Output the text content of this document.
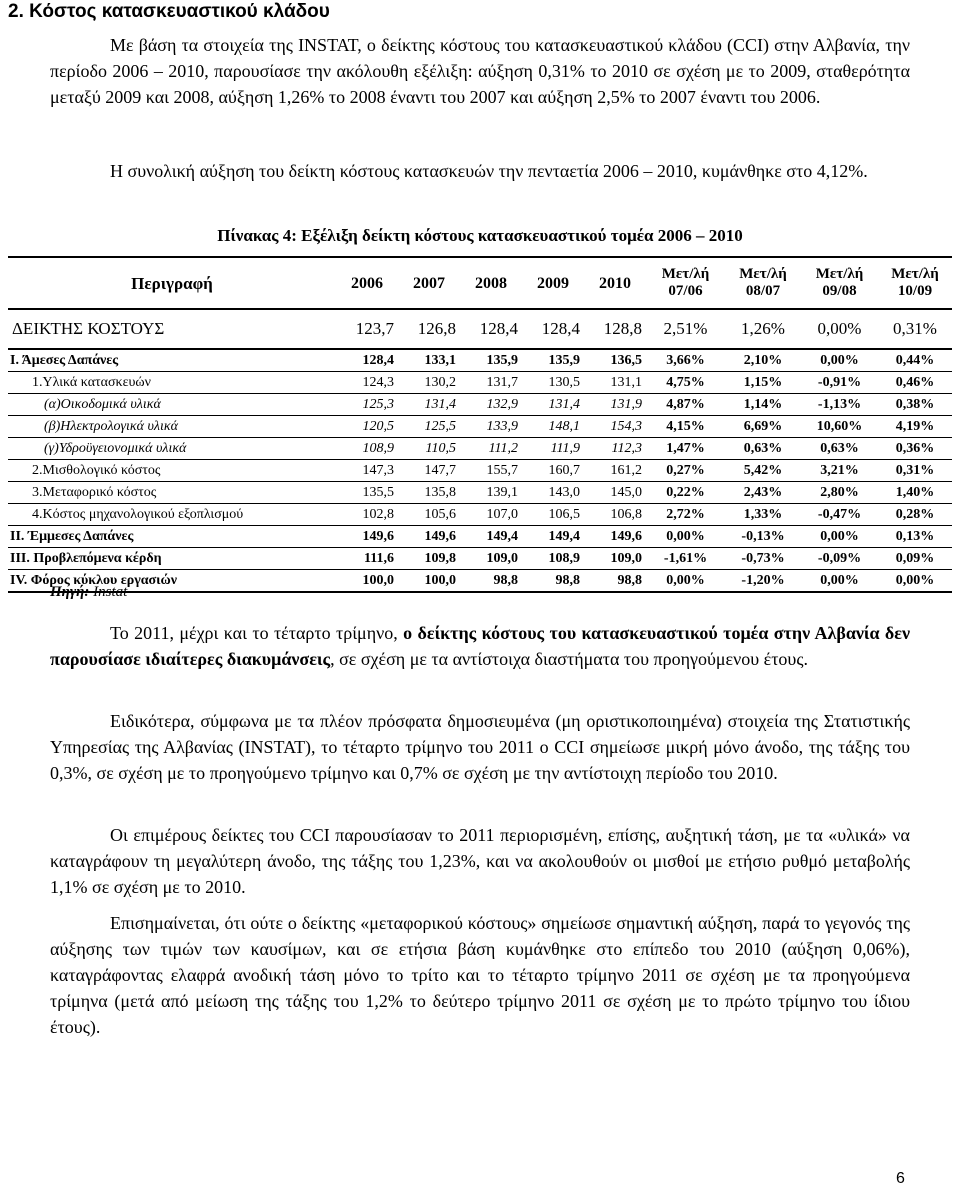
2. Κόστος κατασκευαστικού κλάδου
Με βάση τα στοιχεία της INSTAT, ο δείκτης κόστους του κατασκευαστικού κλάδου (CCI) στην Αλβανία, την περίοδο 2006 – 2010, παρουσίασε την ακόλουθη εξέλιξη: αύξηση 0,31% το 2010 σε σχέση με το 2009, σταθερότητα μεταξύ 2009 και 2008, αύξηση 1,26% το 2008 έναντι του 2007 και αύξηση 2,5% το 2007 έναντι του 2006.
Η συνολική αύξηση του δείκτη κόστους κατασκευών την πενταετία 2006 – 2010, κυμάνθηκε στο 4,12%.
Πίνακας 4: Εξέλιξη δείκτη κόστους κατασκευαστικού τομέα 2006 – 2010
Περιγραφή	2006	2007	2008	2009	2010	Μετ/λή 07/06	Μετ/λή 08/07	Μετ/λή 09/08	Μετ/λή 10/09
ΔΕΙΚΤΗΣ ΚΟΣΤΟΥΣ	123,7	126,8	128,4	128,4	128,8	2,51%	1,26%	0,00%	0,31%
Ι. Άμεσες Δαπάνες	128,4	133,1	135,9	135,9	136,5	3,66%	2,10%	0,00%	0,44%
1.Υλικά κατασκευών	124,3	130,2	131,7	130,5	131,1	4,75%	1,15%	-0,91%	0,46%
(α)Οικοδομικά υλικά	125,3	131,4	132,9	131,4	131,9	4,87%	1,14%	-1,13%	0,38%
(β)Ηλεκτρολογικά υλικά	120,5	125,5	133,9	148,1	154,3	4,15%	6,69%	10,60%	4,19%
(γ)Υδροϋγειονομικά υλικά	108,9	110,5	111,2	111,9	112,3	1,47%	0,63%	0,63%	0,36%
2.Μισθολογικό κόστος	147,3	147,7	155,7	160,7	161,2	0,27%	5,42%	3,21%	0,31%
3.Μεταφορικό κόστος	135,5	135,8	139,1	143,0	145,0	0,22%	2,43%	2,80%	1,40%
4.Κόστος μηχανολογικού εξοπλισμού	102,8	105,6	107,0	106,5	106,8	2,72%	1,33%	-0,47%	0,28%
ΙΙ. Έμμεσες Δαπάνες	149,6	149,6	149,4	149,4	149,6	0,00%	-0,13%	0,00%	0,13%
ΙΙΙ. Προβλεπόμενα κέρδη	111,6	109,8	109,0	108,9	109,0	-1,61%	-0,73%	-0,09%	0,09%
ΙV. Φόρος κύκλου εργασιών	100,0	100,0	98,8	98,8	98,8	0,00%	-1,20%	0,00%	0,00%
Πηγή: Instat
Το 2011, μέχρι και το τέταρτο τρίμηνο, ο δείκτης κόστους του κατασκευαστικού τομέα στην Αλβανία δεν παρουσίασε ιδιαίτερες διακυμάνσεις, σε σχέση με τα αντίστοιχα διαστήματα του προηγούμενου έτους.
Ειδικότερα, σύμφωνα με τα πλέον πρόσφατα δημοσιευμένα (μη οριστικοποιημένα) στοιχεία της Στατιστικής Υπηρεσίας της Αλβανίας (INSTAT), το τέταρτο τρίμηνο του 2011 ο CCI σημείωσε μικρή μόνο άνοδο, της τάξης του 0,3%, σε σχέση με το προηγούμενο τρίμηνο και 0,7% σε σχέση με την αντίστοιχη περίοδο του 2010.
Οι επιμέρους δείκτες του CCI παρουσίασαν το 2011 περιορισμένη, επίσης, αυξητική τάση, με τα «υλικά» να καταγράφουν τη μεγαλύτερη άνοδο, της τάξης του 1,23%, και να ακολουθούν οι μισθοί με ετήσιο ρυθμό μεταβολής 1,1% σε σχέση με το 2010.
Επισημαίνεται, ότι ούτε ο δείκτης «μεταφορικού κόστους» σημείωσε σημαντική αύξηση, παρά το γεγονός της αύξησης των τιμών των καυσίμων, και σε ετήσια βάση κυμάνθηκε στο επίπεδο του 2010 (αύξηση 0,06%), καταγράφοντας ελαφρά ανοδική τάση μόνο το τρίτο και το τέταρτο τρίμηνο 2011 σε σχέση με τα προηγούμενα τρίμηνα (μετά από μείωση της τάξης του 1,2% το δεύτερο τρίμηνο 2011 σε σχέση με το πρώτο τρίμηνο του ίδιου έτους).
6
